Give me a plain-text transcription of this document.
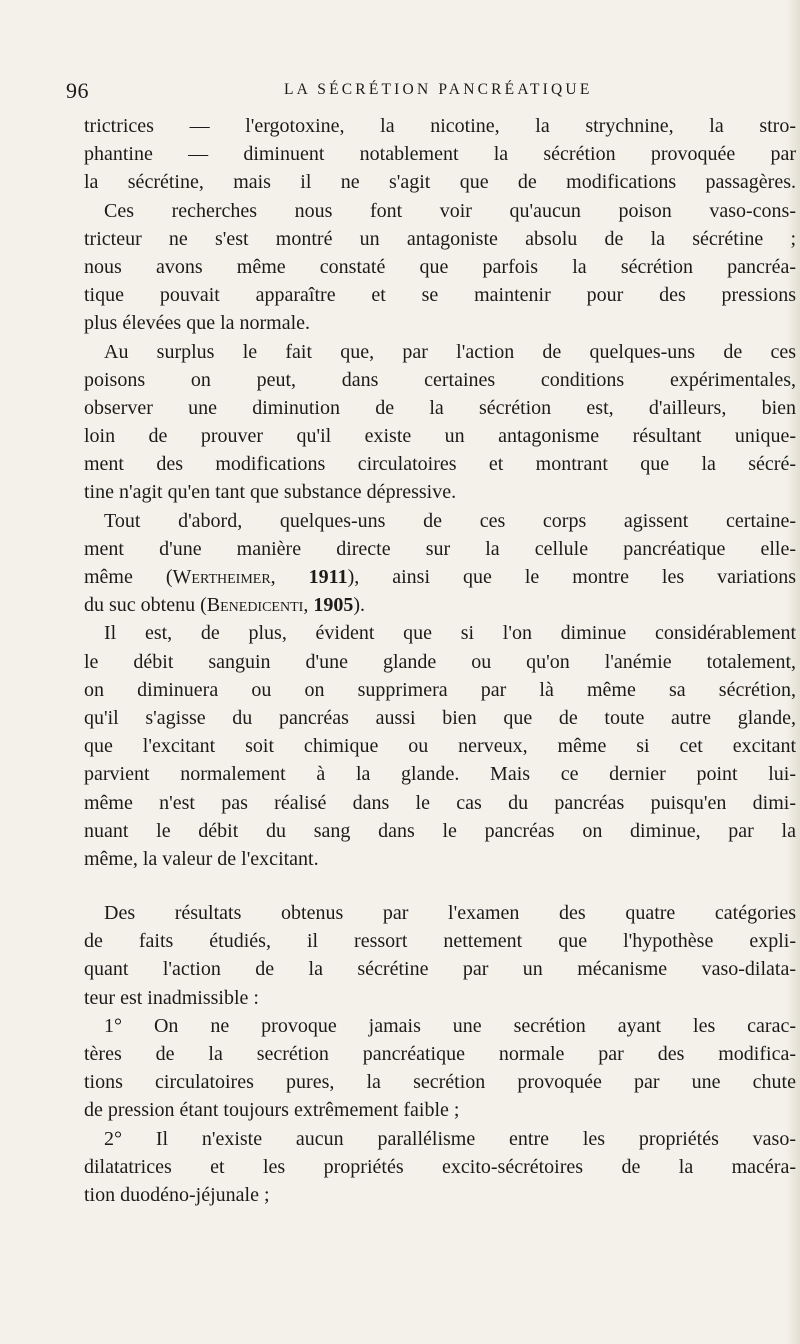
96	LA SÉCRÉTION PANCRÉATIQUE
trictrices — l'ergotoxine, la nicotine, la strychnine, la stro-
phantine — diminuent notablement la sécrétion provoquée par
la sécrétine, mais il ne s'agit que de modifications passagères.
Ces recherches nous font voir qu'aucun poison vaso-cons-
tricteur ne s'est montré un antagoniste absolu de la sécrétine ;
nous avons même constaté que parfois la sécrétion pancréa-
tique pouvait apparaître et se maintenir pour des pressions
plus élevées que la normale.
Au surplus le fait que, par l'action de quelques-uns de ces
poisons on peut, dans certaines conditions expérimentales,
observer une diminution de la sécrétion est, d'ailleurs, bien
loin de prouver qu'il existe un antagonisme résultant unique-
ment des modifications circulatoires et montrant que la sécré-
tine n'agit qu'en tant que substance dépressive.
Tout d'abord, quelques-uns de ces corps agissent certaine-
ment d'une manière directe sur la cellule pancréatique elle-
même (Wertheimer, 1911), ainsi que le montre les variations
du suc obtenu (Benedicenti, 1905).
Il est, de plus, évident que si l'on diminue considérablement
le débit sanguin d'une glande ou qu'on l'anémie totalement,
on diminuera ou on supprimera par là même sa sécrétion,
qu'il s'agisse du pancréas aussi bien que de toute autre glande,
que l'excitant soit chimique ou nerveux, même si cet excitant
parvient normalement à la glande. Mais ce dernier point lui-
même n'est pas réalisé dans le cas du pancréas puisqu'en dimi-
nuant le débit du sang dans le pancréas on diminue, par la
même, la valeur de l'excitant.
Des résultats obtenus par l'examen des quatre catégories
de faits étudiés, il ressort nettement que l'hypothèse expli-
quant l'action de la sécrétine par un mécanisme vaso-dilata-
teur est inadmissible :
1° On ne provoque jamais une secrétion ayant les carac-
tères de la secrétion pancréatique normale par des modifica-
tions circulatoires pures, la secrétion provoquée par une chute
de pression étant toujours extrêmement faible ;
2° Il n'existe aucun parallélisme entre les propriétés vaso-
dilatatrices et les propriétés excito-sécrétoires de la macéra-
tion duodéno-jéjunale ;
